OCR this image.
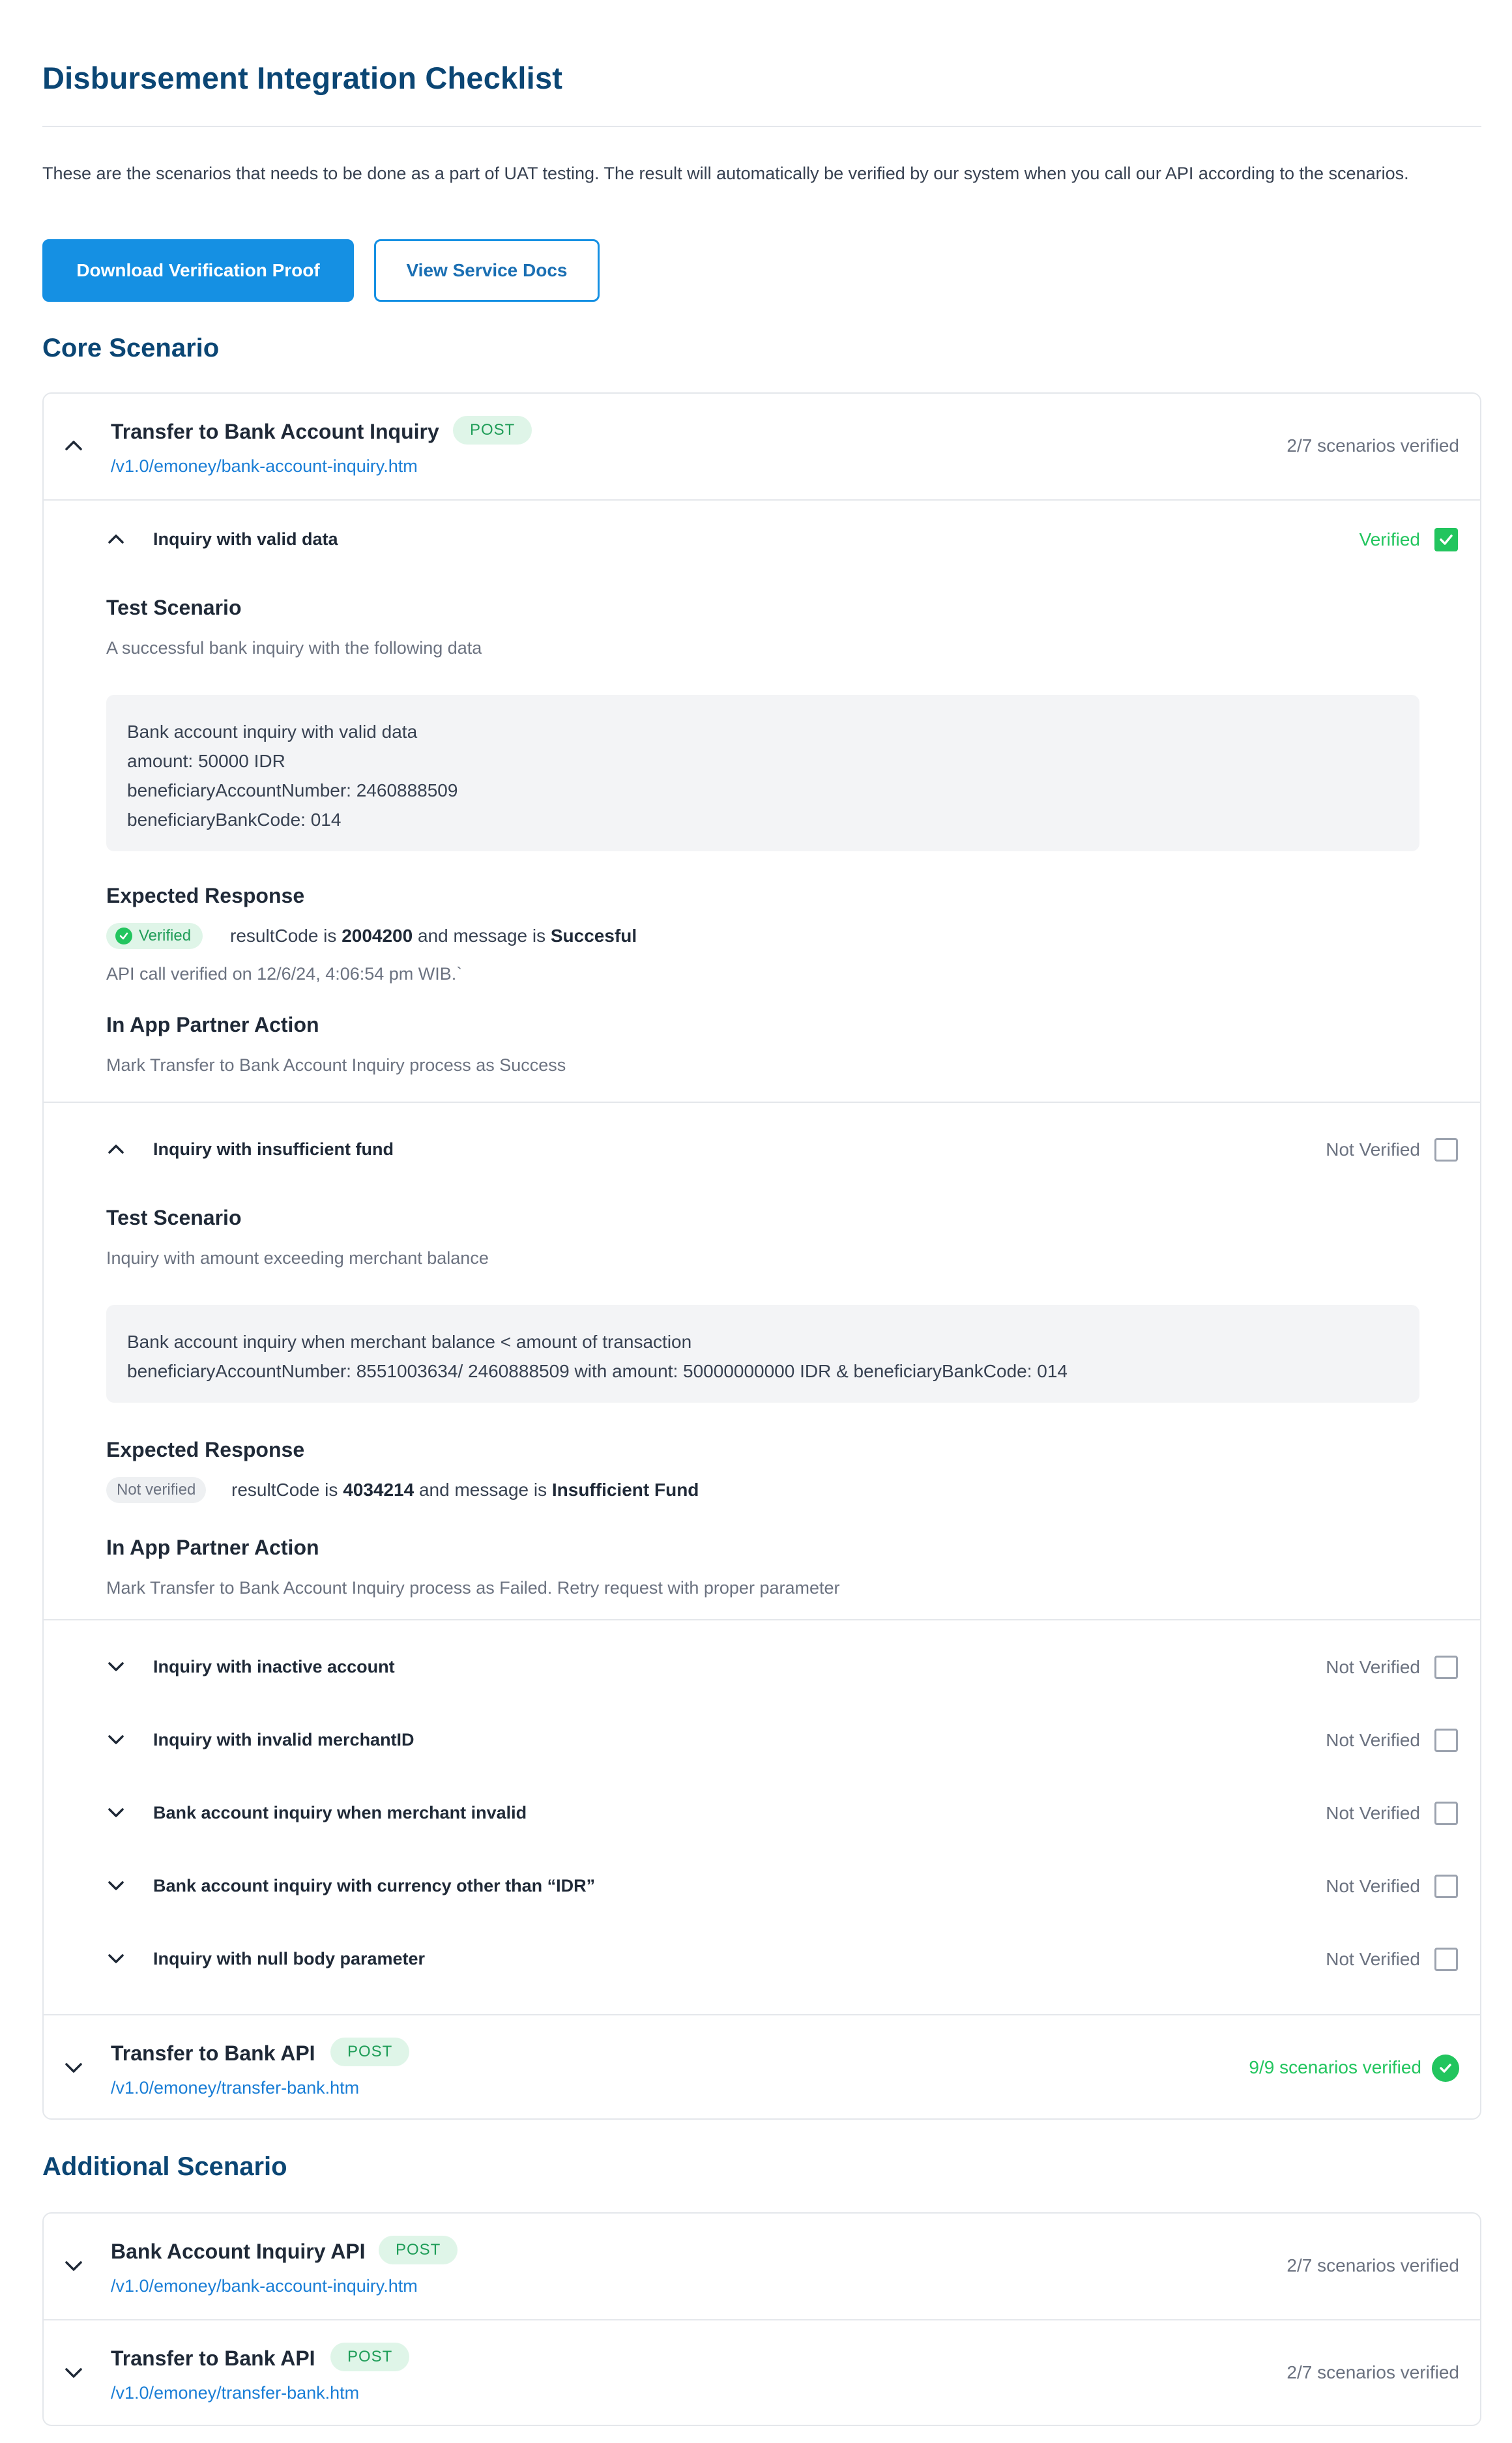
Disbursement Integration Checklist

These are the scenarios that needs to be done as a part of UAT testing. The result will automatically be verified by our system when you call our API according to the scenarios.

Download Verification Proof	View Service Docs
Core Scenario
Transfer to Bank Account Inquiry	POST
/v1.0/emoney/bank-account-inquiry.htm
2/7 scenarios verified
Inquiry with valid data	Verified
Test Scenario
A successful bank inquiry with the following data
Bank account inquiry with valid data
amount: 50000 IDR
beneficiaryAccountNumber: 2460888509
beneficiaryBankCode: 014
Expected Response
Verified resultCode is 2004200 and message is Succesful
API call verified on 12/6/24, 4:06:54 pm WIB.`
In App Partner Action
Mark Transfer to Bank Account Inquiry process as Success
Inquiry with insufficient fund	Not Verified
Test Scenario
Inquiry with amount exceeding merchant balance
Bank account inquiry when merchant balance < amount of transaction
beneficiaryAccountNumber: 8551003634/ 2460888509 with amount: 50000000000 IDR & beneficiaryBankCode: 014
Expected Response
Not verified	resultCode is 4034214 and message is Insufficient Fund
In App Partner Action
Mark Transfer to Bank Account Inquiry process as Failed. Retry request with proper parameter
Inquiry with inactive account	Not Verified
Inquiry with invalid merchantID	Not Verified
Bank account inquiry when merchant invalid	Not Verified
Bank account inquiry with currency other than “IDR”	Not Verified
Inquiry with null body parameter	Not Verified
Transfer to Bank API	POST
/v1.0/emoney/transfer-bank.htm
9/9 scenarios verified
Additional Scenario
Bank Account Inquiry API	POST
/v1.0/emoney/bank-account-inquiry.htm
2/7 scenarios verified
Transfer to Bank API	POST
/v1.0/emoney/transfer-bank.htm
2/7 scenarios verified
